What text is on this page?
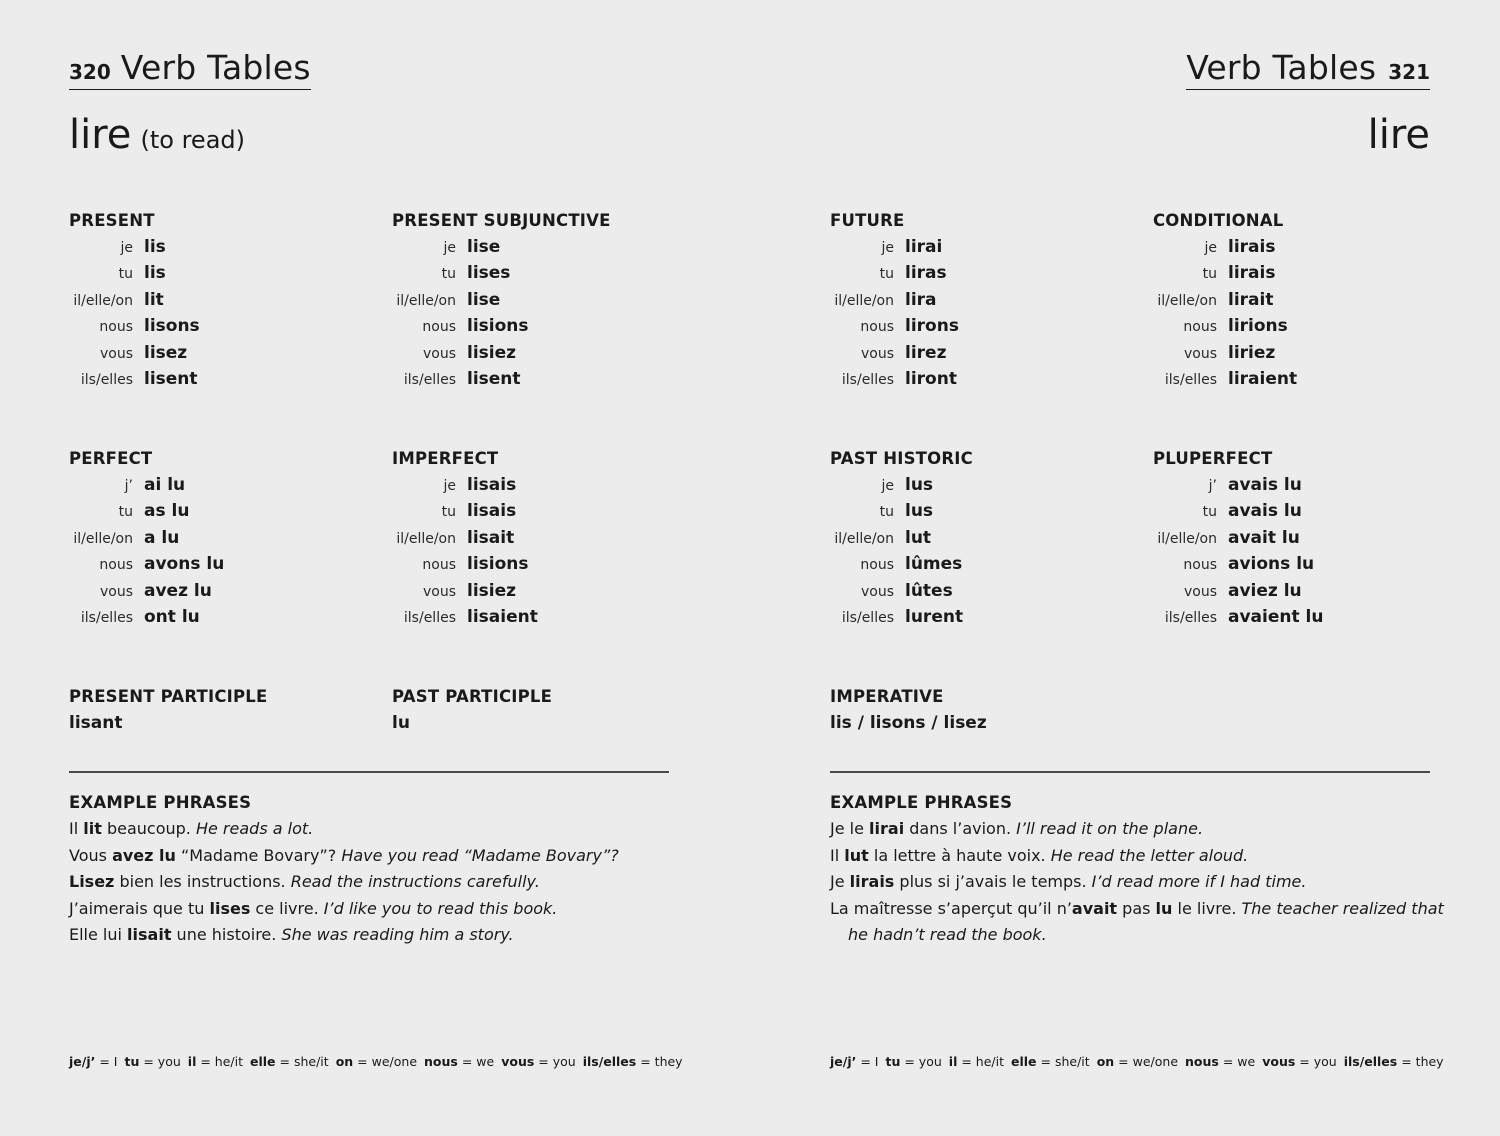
320 Verb Tables	Verb Tables 321
lire (to read)	lire
PRESENT
je lis
tu lis
il/elle/on lit
nous lisons
vous lisez
ils/elles lisent
PRESENT SUBJUNCTIVE
je lise
tu lises
il/elle/on lise
nous lisions
vous lisiez
ils/elles lisent
FUTURE
je lirai
tu liras
il/elle/on lira
nous lirons
vous lirez
ils/elles liront
CONDITIONAL
je lirais
tu lirais
il/elle/on lirait
nous lirions
vous liriez
ils/elles liraient
PERFECT
j’ ai lu
tu as lu
il/elle/on a lu
nous avons lu
vous avez lu
ils/elles ont lu
IMPERFECT
je lisais
tu lisais
il/elle/on lisait
nous lisions
vous lisiez
ils/elles lisaient
PAST HISTORIC
je lus
tu lus
il/elle/on lut
nous lûmes
vous lûtes
ils/elles lurent
PLUPERFECT
j’ avais lu
tu avais lu
il/elle/on avait lu
nous avions lu
vous aviez lu
ils/elles avaient lu
PRESENT PARTICIPLE
lisant
PAST PARTICIPLE
lu
IMPERATIVE
lis / lisons / lisez
EXAMPLE PHRASES
Il lit beaucoup. He reads a lot.
Vous avez lu “Madame Bovary”? Have you read “Madame Bovary”?
Lisez bien les instructions. Read the instructions carefully.
J’aimerais que tu lises ce livre. I’d like you to read this book.
Elle lui lisait une histoire. She was reading him a story.
EXAMPLE PHRASES
Je le lirai dans l’avion. I’ll read it on the plane.
Il lut la lettre à haute voix. He read the letter aloud.
Je lirais plus si j’avais le temps. I’d read more if I had time.
La maîtresse s’aperçut qu’il n’avait pas lu le livre. The teacher realized that
he hadn’t read the book.
je/j’ = I tu = you il = he/it elle = she/it on = we/one nous = we vous = you ils/elles = they	je/j’ = I tu = you il = he/it elle = she/it on = we/one nous = we vous = you ils/elles = they
